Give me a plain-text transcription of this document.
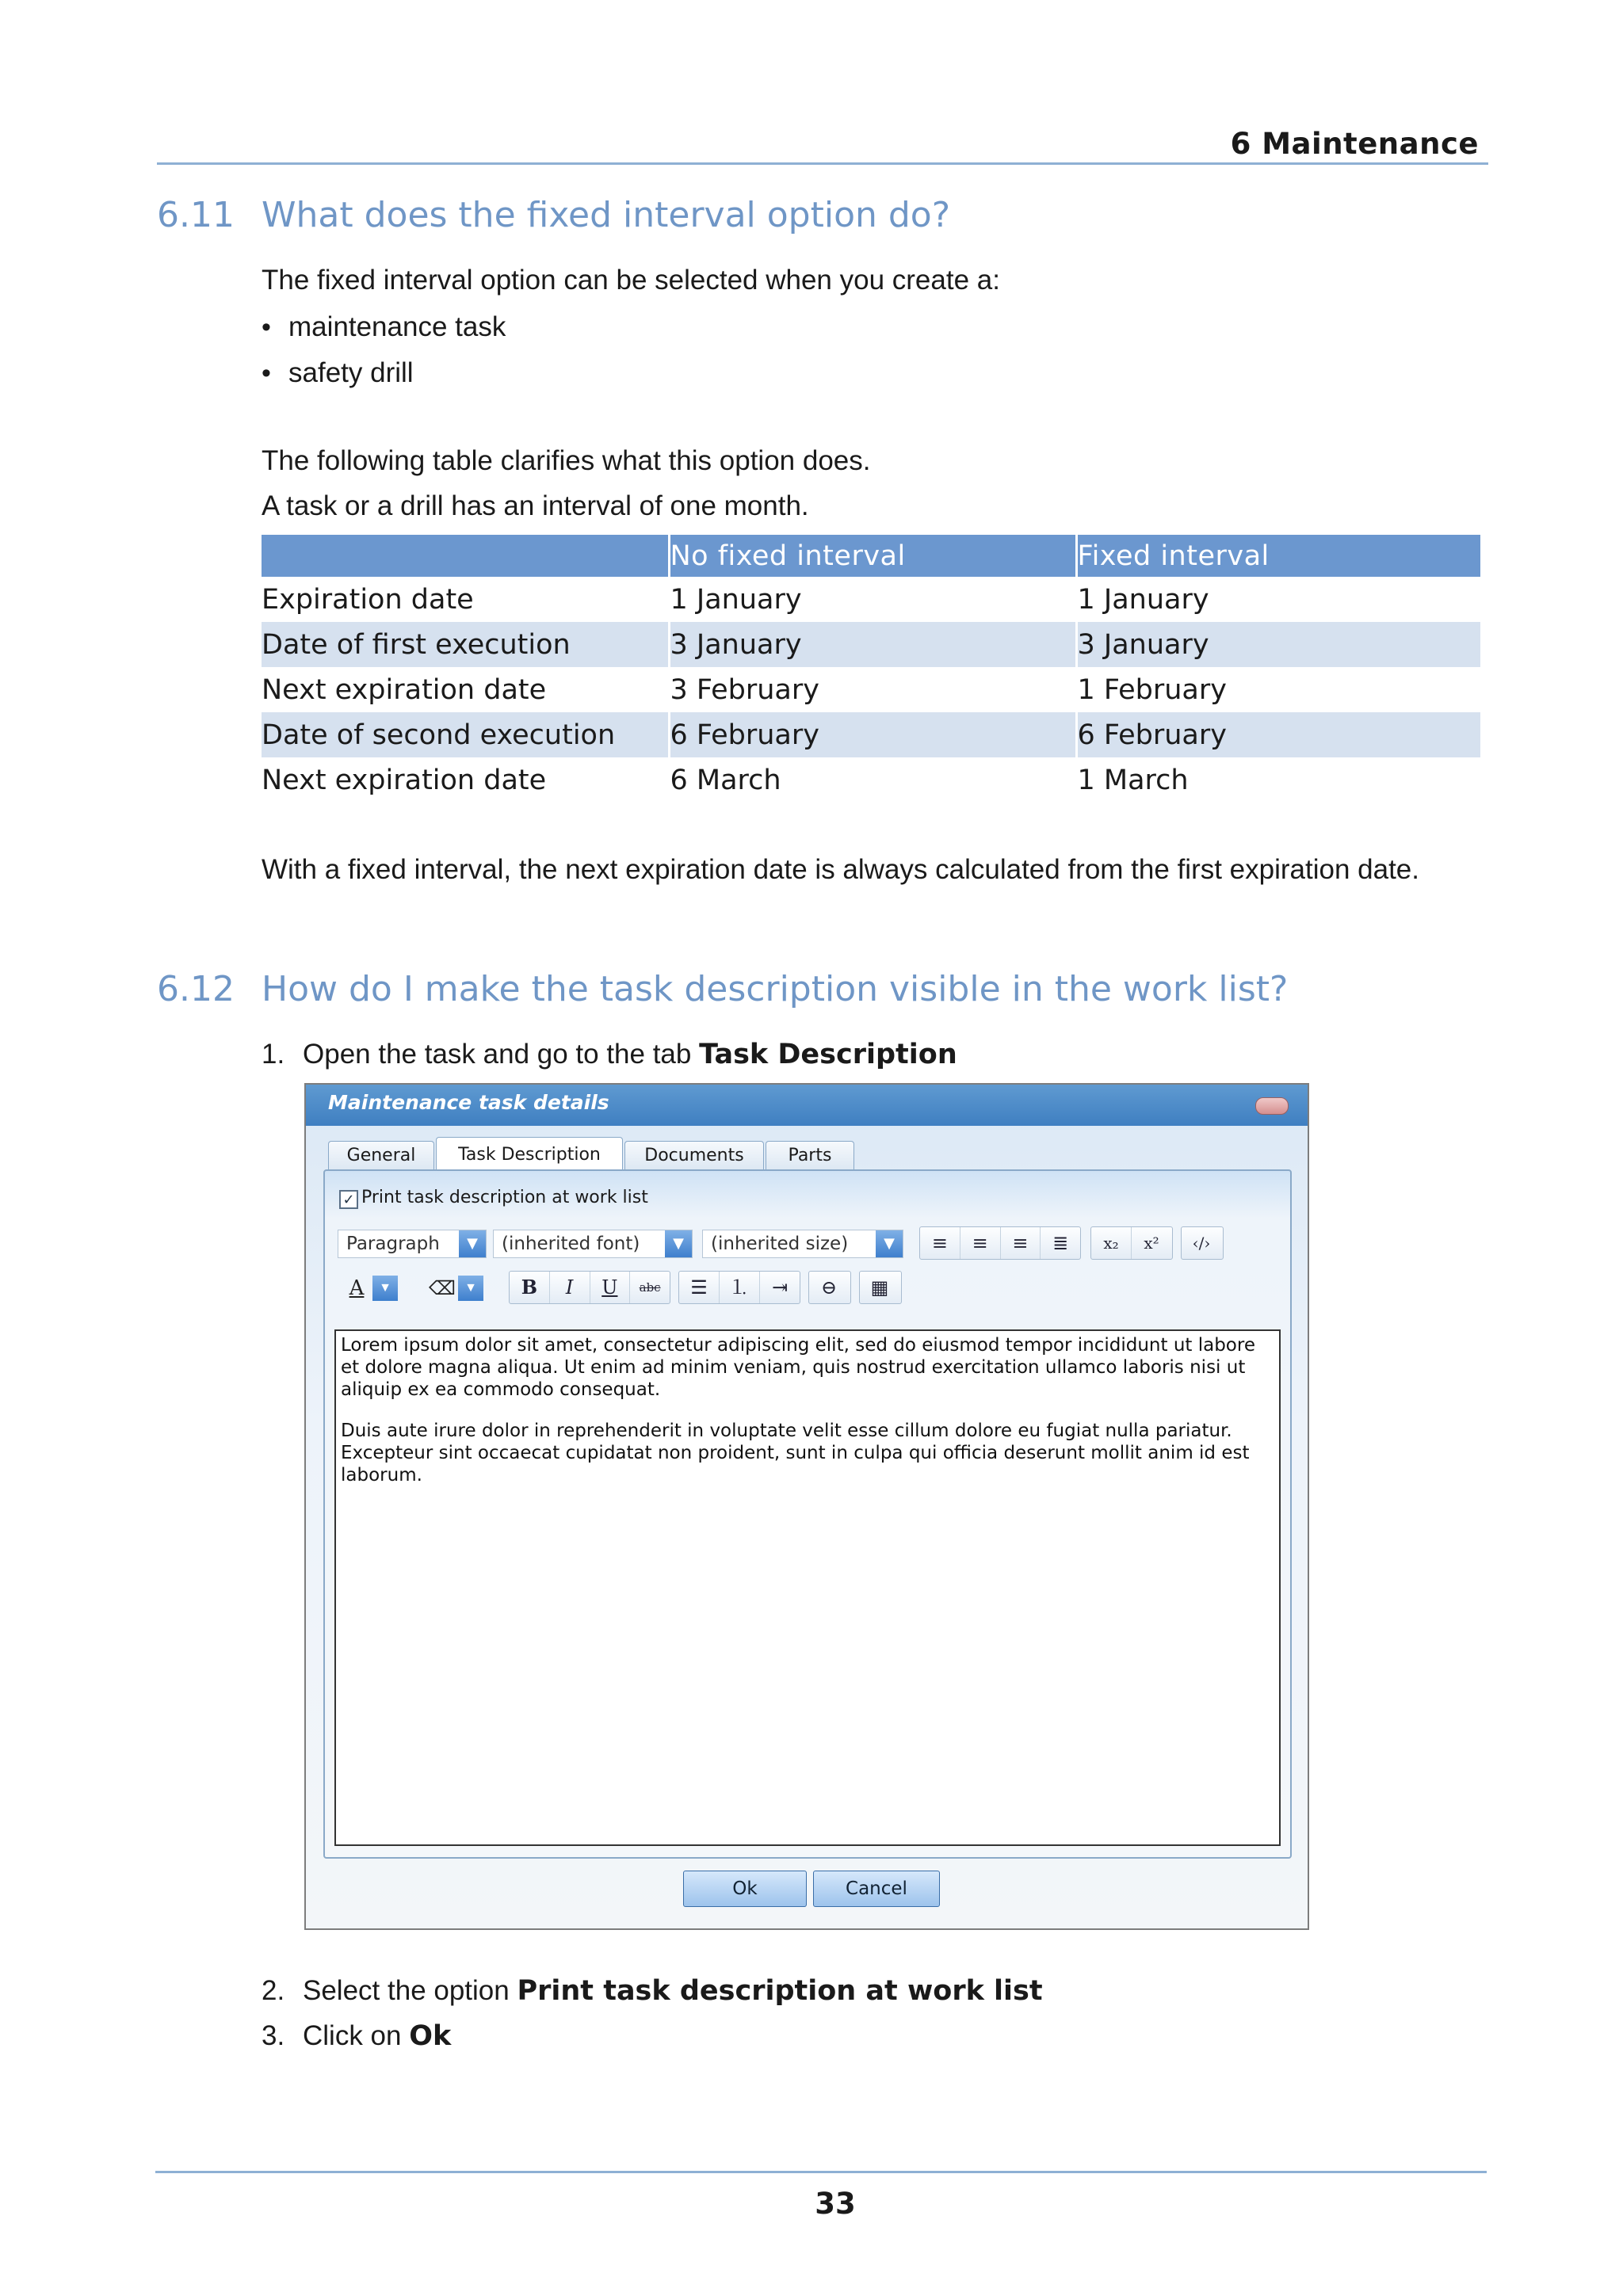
6 Maintenance
6.11 What does the fixed interval option do?
The fixed interval option can be selected when you create a:
• maintenance task
• safety drill
The following table clarifies what this option does.
A task or a drill has an interval of one month.
	No fixed interval	Fixed interval
Expiration date	1 January	1 January
Date of first execution	3 January	3 January
Next expiration date	3 February	1 February
Date of second execution	6 February	6 February
Next expiration date	6 March	1 March
With a fixed interval, the next expiration date is always calculated from the first expiration date.
6.12 How do I make the task description visible in the work list?
1. Open the task and go to the tab Task Description
Maintenance task details
General	Task Description	Documents	Parts
✓ Print task description at work list
Paragraph	▼	(inherited font)	▼	(inherited size)	▼	≡	≡	≡	≣	x₂	x²	‹/›
A	▼	⌫ ▼	B	I	U	abc	☰	⒈	⇥	⊖	▦

Lorem ipsum dolor sit amet, consectetur adipiscing elit, sed do eiusmod tempor incididunt ut labore et dolore magna aliqua. Ut enim ad minim veniam, quis nostrud exercitation ullamco laboris nisi ut aliquip ex ea commodo consequat.

Duis aute irure dolor in reprehenderit in voluptate velit esse cillum dolore eu fugiat nulla pariatur. Excepteur sint occaecat cupidatat non proident, sunt in culpa qui officia deserunt mollit anim id est laborum.

Ok	Cancel
2. Select the option Print task description at work list
3. Click on Ok
33
